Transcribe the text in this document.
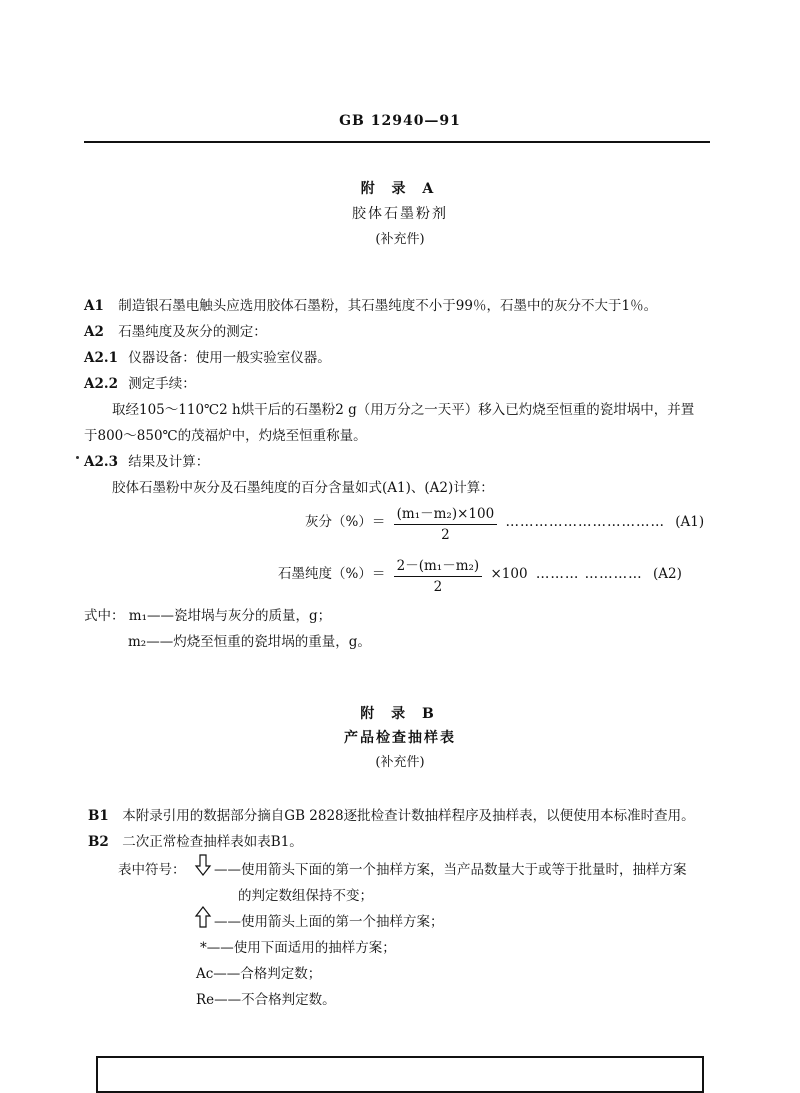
GB 12940—91
附 录 A
胶体石墨粉剂
(补充件)
A1 制造银石墨电触头应选用胶体石墨粉，其石墨纯度不小于99％，石墨中的灰分不大于1％。
A2 石墨纯度及灰分的测定：
A2.1 仪器设备：使用一般实验室仪器。
A2.2 测定手续：
取经105～110℃2 h烘干后的石墨粉2 g（用万分之一天平）移入已灼烧至恒重的瓷坩埚中，并置
于800～850℃的茂福炉中，灼烧至恒重称量。
A2.3 结果及计算：
胶体石墨粉中灰分及石墨纯度的百分含量如式(A1)、(A2)计算：
灰分（%）＝ $\frac{\text{(m₁－m₂)×100}}{2}$ …………………………… (A1)
石墨纯度（%）＝ $\frac{\text{2－(m₁－m₂)}}{2} \times 100$ ……… ………… (A2)
式中： m₁——瓷坩埚与灰分的质量，g；
m₂——灼烧至恒重的瓷坩埚的重量，g。
附 录 B
产品检查抽样表
(补充件)
B1 本附录引用的数据部分摘自GB 2828逐批检查计数抽样程序及抽样表，以便使用本标准时查用。
B2 二次正常检查抽样表如表B1。
表中符号： ——使用箭头下面的第一个抽样方案，当产品数量大于或等于批量时，抽样方案
的判定数组保持不变；
——使用箭头上面的第一个抽样方案；
*——使用下面适用的抽样方案；
Ac——合格判定数；
Re——不合格判定数。
